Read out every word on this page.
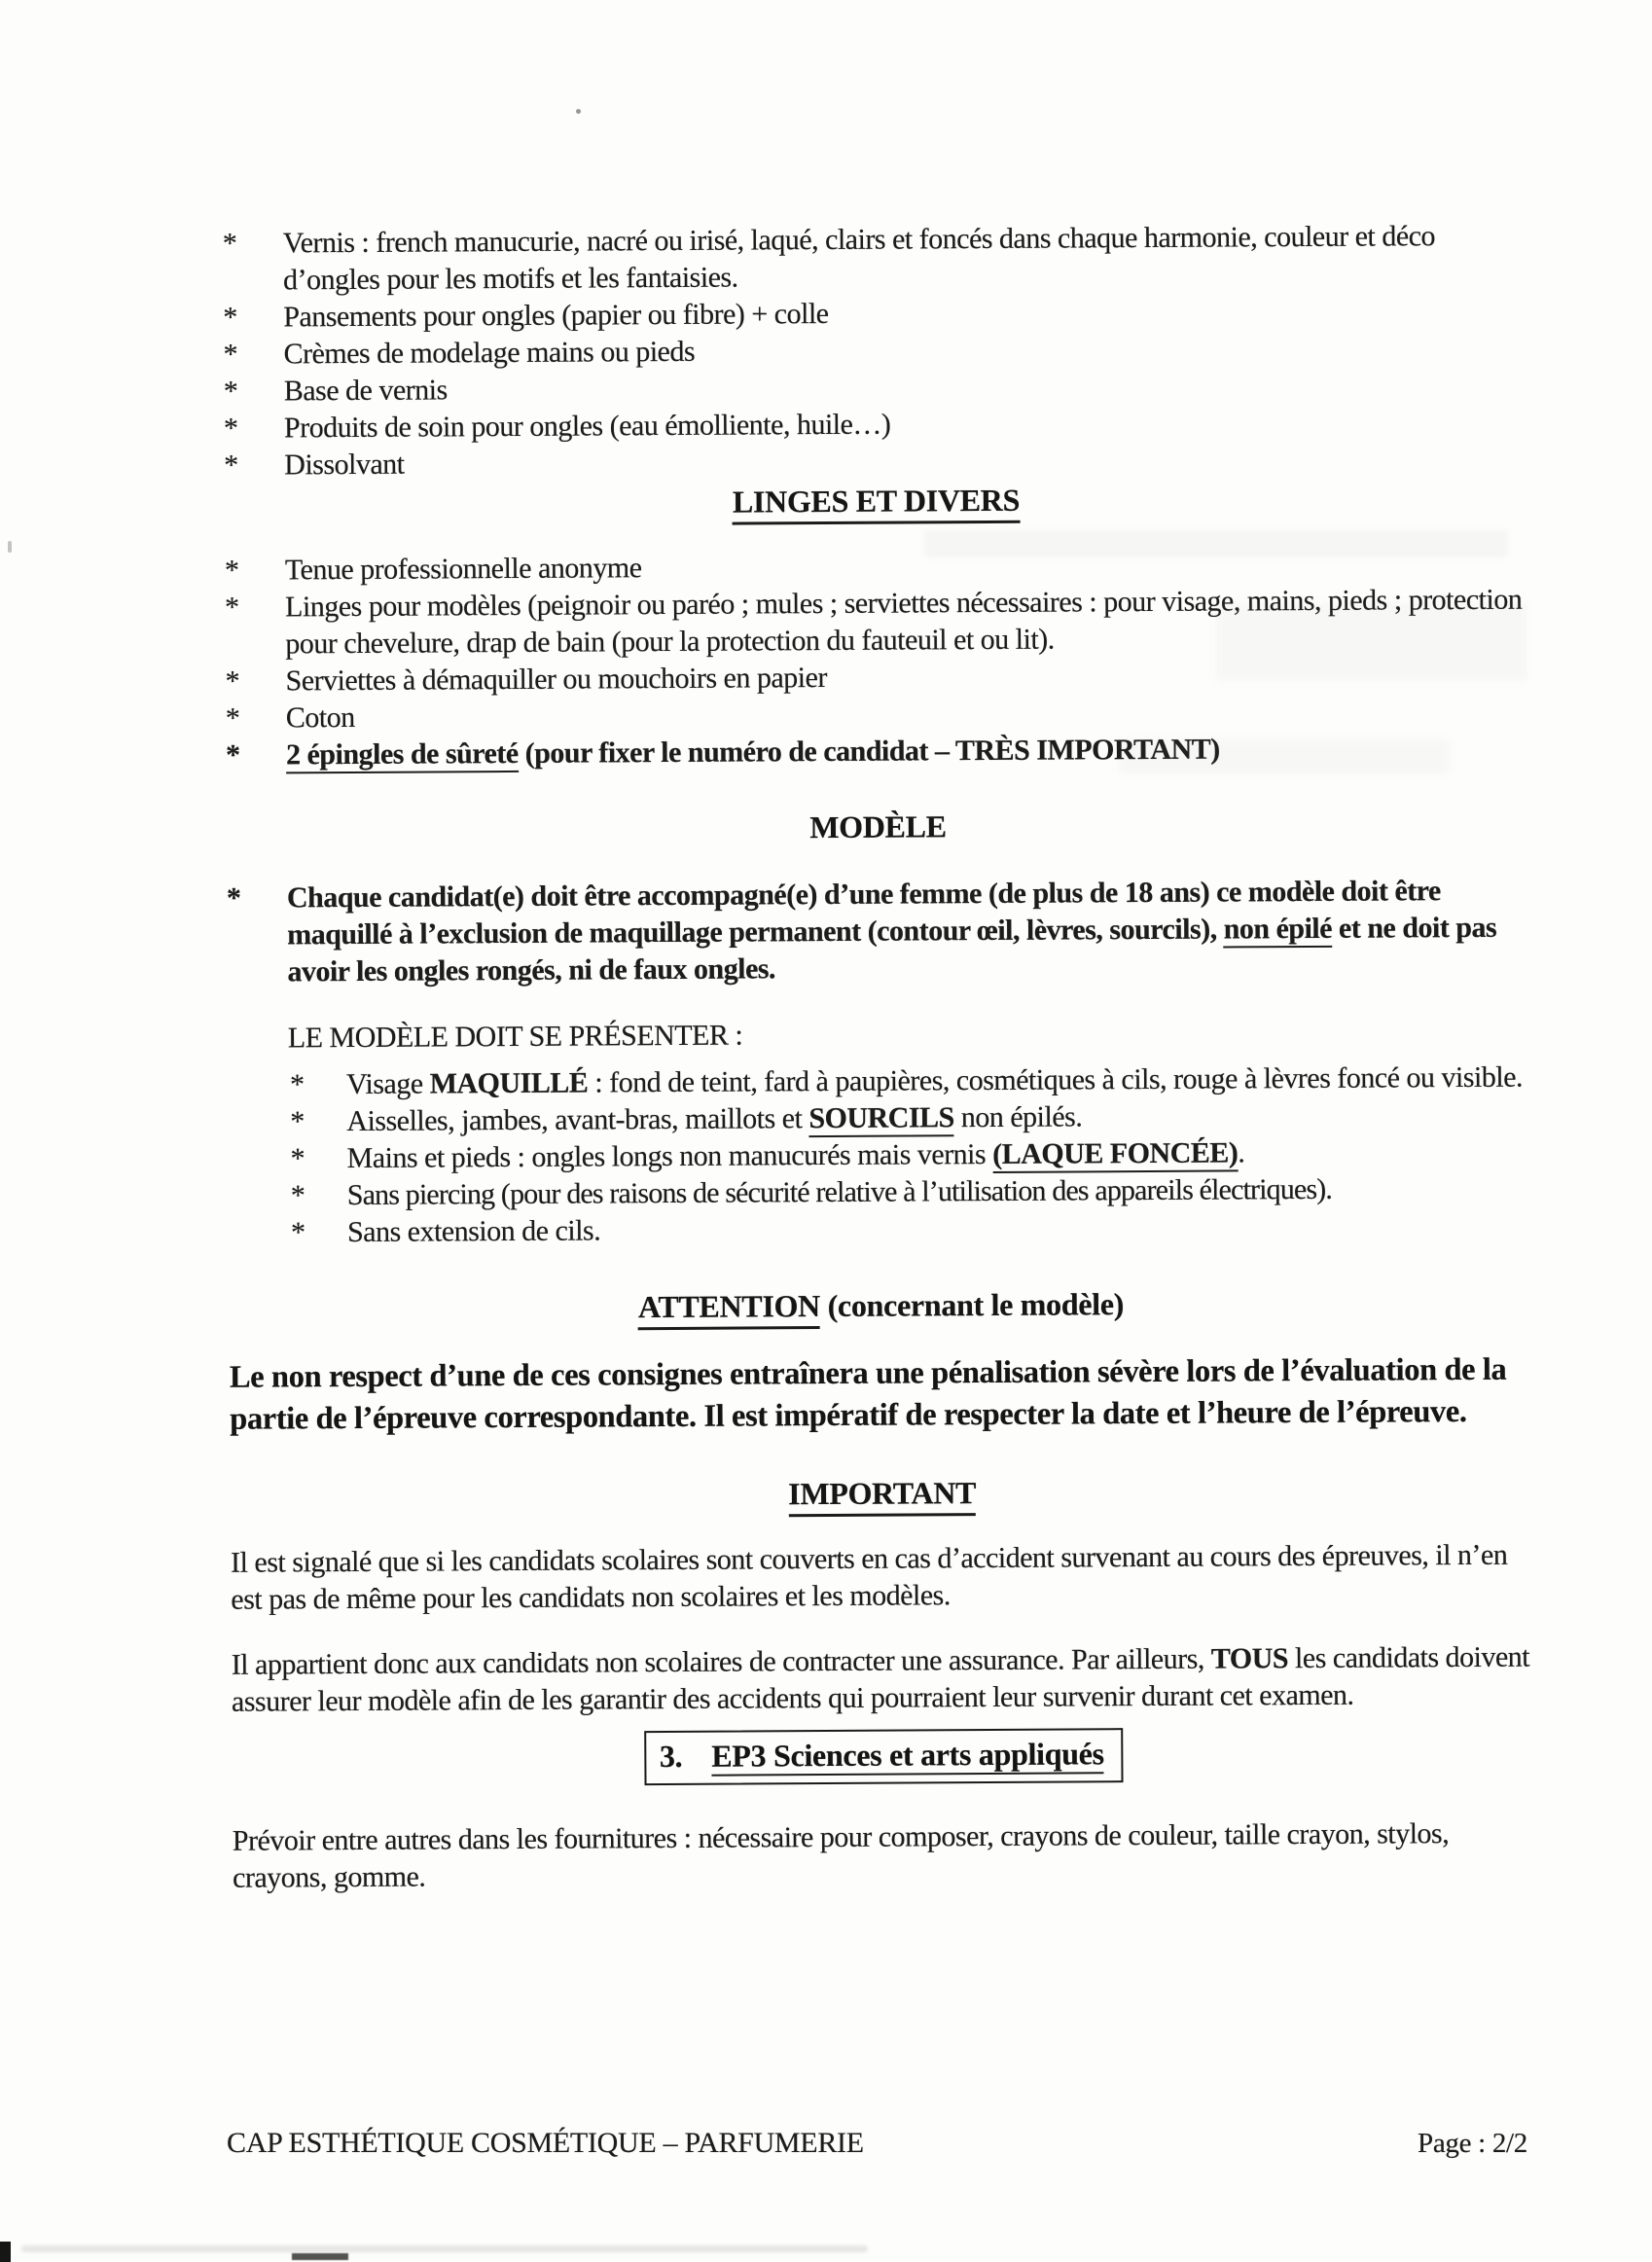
*	Vernis : french manucurie, nacré ou irisé, laqué, clairs et foncés dans chaque harmonie, couleur et déco d’ongles pour les motifs et les fantaisies.
*	Pansements pour ongles (papier ou fibre) + colle
*	Crèmes de modelage mains ou pieds
*	Base de vernis
*	Produits de soin pour ongles (eau émolliente, huile…)
*	Dissolvant
LINGES ET DIVERS
*	Tenue professionnelle anonyme
*	Linges pour modèles (peignoir ou paréo ; mules ; serviettes nécessaires : pour visage, mains, pieds ; protection pour chevelure, drap de bain (pour la protection du fauteuil et ou lit).
*	Serviettes à démaquiller ou mouchoirs en papier
*	Coton
*	2 épingles de sûreté (pour fixer le numéro de candidat – TRÈS IMPORTANT)
MODÈLE
*	Chaque candidat(e) doit être accompagné(e) d’une femme (de plus de 18 ans) ce modèle doit être maquillé à l’exclusion de maquillage permanent (contour œil, lèvres, sourcils), non épilé et ne doit pas avoir les ongles rongés, ni de faux ongles.
LE MODÈLE DOIT SE PRÉSENTER :
*	Visage MAQUILLÉ : fond de teint, fard à paupières, cosmétiques à cils, rouge à lèvres foncé ou visible.
*	Aisselles, jambes, avant-bras, maillots et SOURCILS non épilés.
*	Mains et pieds : ongles longs non manucurés mais vernis (LAQUE FONCÉE).
*	Sans piercing (pour des raisons de sécurité relative à l’utilisation des appareils électriques).
*	Sans extension de cils.
ATTENTION (concernant le modèle)

Le non respect d’une de ces consignes entraînera une pénalisation sévère lors de l’évaluation de la partie de l’épreuve correspondante. Il est impératif de respecter la date et l’heure de l’épreuve.

IMPORTANT

Il est signalé que si les candidats scolaires sont couverts en cas d’accident survenant au cours des épreuves, il n’en est pas de même pour les candidats non scolaires et les modèles.

Il appartient donc aux candidats non scolaires de contracter une assurance. Par ailleurs, TOUS les candidats doivent assurer leur modèle afin de les garantir des accidents qui pourraient leur survenir durant cet examen.

3. EP3 Sciences et arts appliqués

Prévoir entre autres dans les fournitures : nécessaire pour composer, crayons de couleur, taille crayon, stylos, crayons, gomme.

CAP ESTHÉTIQUE COSMÉTIQUE – PARFUMERIE	Page : 2/2
